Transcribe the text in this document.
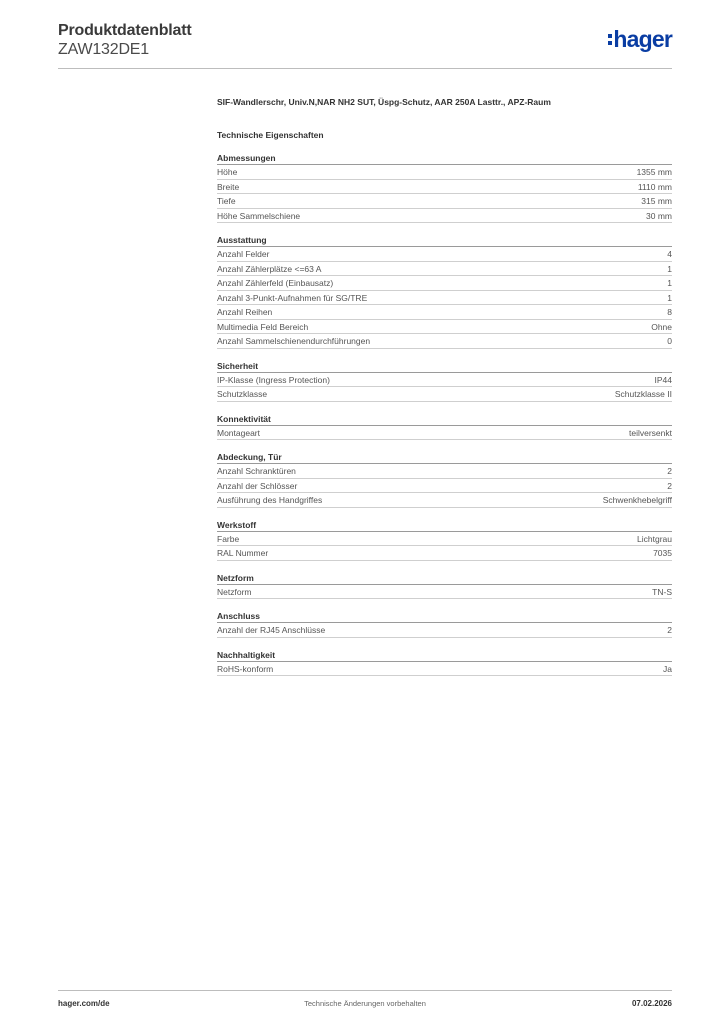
Produktdatenblatt
ZAW132DE1	hager
SIF-Wandlerschr, Univ.N,NAR NH2 SUT, Üspg-Schutz, AAR 250A Lasttr., APZ-Raum
Technische Eigenschaften
Abmessungen
Höhe	1355 mm
Breite	1110 mm
Tiefe	315 mm
Höhe Sammelschiene	30 mm
Ausstattung
Anzahl Felder	4
Anzahl Zählerplätze <=63 A	1
Anzahl Zählerfeld (Einbausatz)	1
Anzahl 3-Punkt-Aufnahmen für SG/TRE	1
Anzahl Reihen	8
Multimedia Feld Bereich	Ohne
Anzahl Sammelschienendurchführungen	0
Sicherheit
IP-Klasse (Ingress Protection)	IP44
Schutzklasse	Schutzklasse II
Konnektivität
Montageart	teilversenkt
Abdeckung, Tür
Anzahl Schranktüren	2
Anzahl der Schlösser	2
Ausführung des Handgriffes	Schwenkhebelgriff
Werkstoff
Farbe	Lichtgrau
RAL Nummer	7035
Netzform
Netzform	TN-S
Anschluss
Anzahl der RJ45 Anschlüsse	2
Nachhaltigkeit
RoHS-konform	Ja
hager.com/de	Technische Änderungen vorbehalten	07.02.2026
